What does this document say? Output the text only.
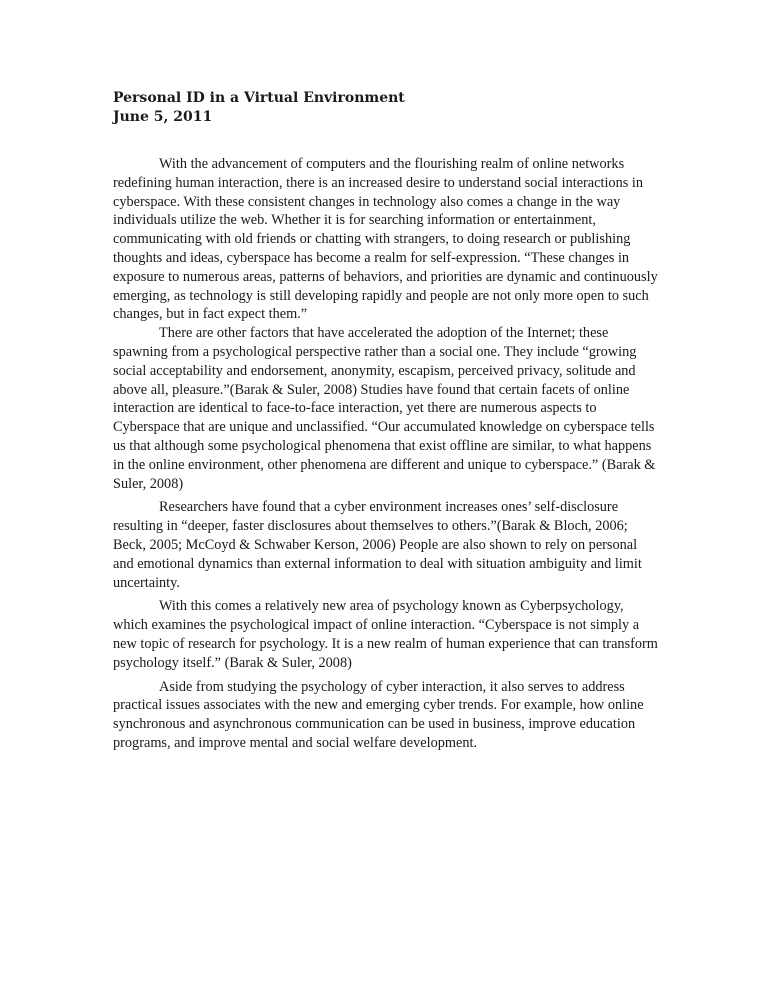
Personal ID in a Virtual Environment

June 5, 2011

With the advancement of computers and the flourishing realm of online networks redefining human interaction, there is an increased desire to understand social interactions in cyberspace. With these consistent changes in technology also comes a change in the way individuals utilize the web. Whether it is for searching information or entertainment, communicating with old friends or chatting with strangers, to doing research or publishing thoughts and ideas, cyberspace has become a realm for self-expression. “These changes in exposure to numerous areas, patterns of behaviors, and priorities are dynamic and continuously emerging, as technology is still developing rapidly and people are not only more open to such changes, but in fact expect them.”

There are other factors that have accelerated the adoption of the Internet; these spawning from a psychological perspective rather than a social one. They include “growing social acceptability and endorsement, anonymity, escapism, perceived privacy, solitude and above all, pleasure.”(Barak & Suler, 2008) Studies have found that certain facets of online interaction are identical to face-to-face interaction, yet there are numerous aspects to Cyberspace that are unique and unclassified. “Our accumulated knowledge on cyberspace tells us that although some psychological phenomena that exist offline are similar, to what happens in the online environment, other phenomena are different and unique to cyberspace.” (Barak & Suler, 2008)

Researchers have found that a cyber environment increases ones’ self-disclosure resulting in “deeper, faster disclosures about themselves to others.”(Barak & Bloch, 2006; Beck, 2005; McCoyd & Schwaber Kerson, 2006) People are also shown to rely on personal and emotional dynamics than external information to deal with situation ambiguity and limit uncertainty.

With this comes a relatively new area of psychology known as Cyberpsychology, which examines the psychological impact of online interaction. “Cyberspace is not simply a new topic of research for psychology. It is a new realm of human experience that can transform psychology itself.” (Barak & Suler, 2008)

Aside from studying the psychology of cyber interaction, it also serves to address practical issues associates with the new and emerging cyber trends. For example, how online synchronous and asynchronous communication can be used in business, improve education programs, and improve mental and social welfare development.
